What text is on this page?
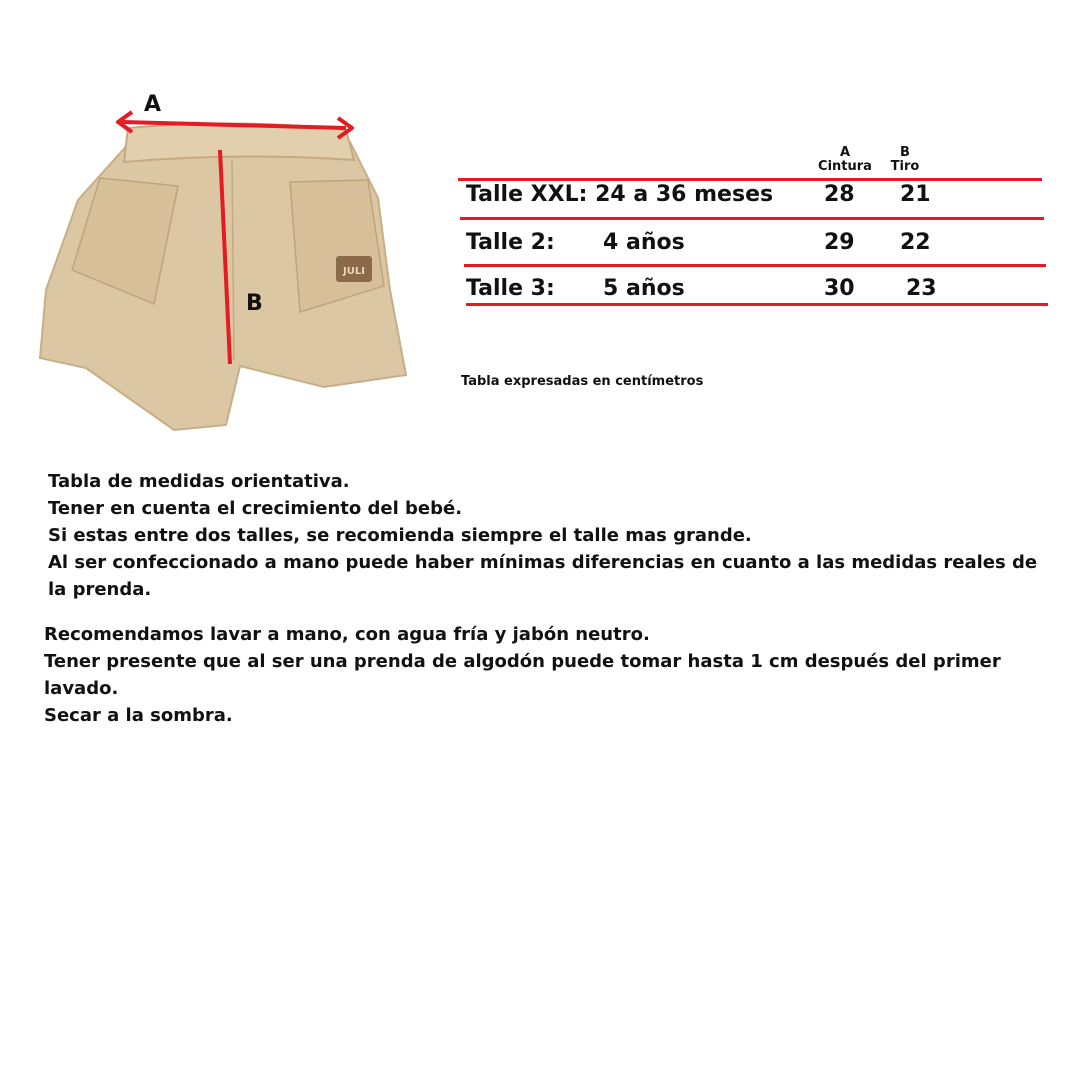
JULI
A
B
A
Cintura
B
Tiro
Talle XXL: 24 a 36 meses 28 21
Talle 2: 4 años	29 22
Talle 3: 5 años	30 23
Tabla expresadas en centímetros

Tabla de medidas orientativa.

Tener en cuenta el crecimiento del bebé.

Si estas entre dos talles, se recomienda siempre el talle mas grande.

Al ser confeccionado a mano puede haber mínimas diferencias en cuanto a las medidas reales de la prenda.

Recomendamos lavar a mano, con agua fría y jabón neutro.

Tener presente que al ser una prenda de algodón puede tomar hasta 1 cm después del primer lavado.

Secar a la sombra.
